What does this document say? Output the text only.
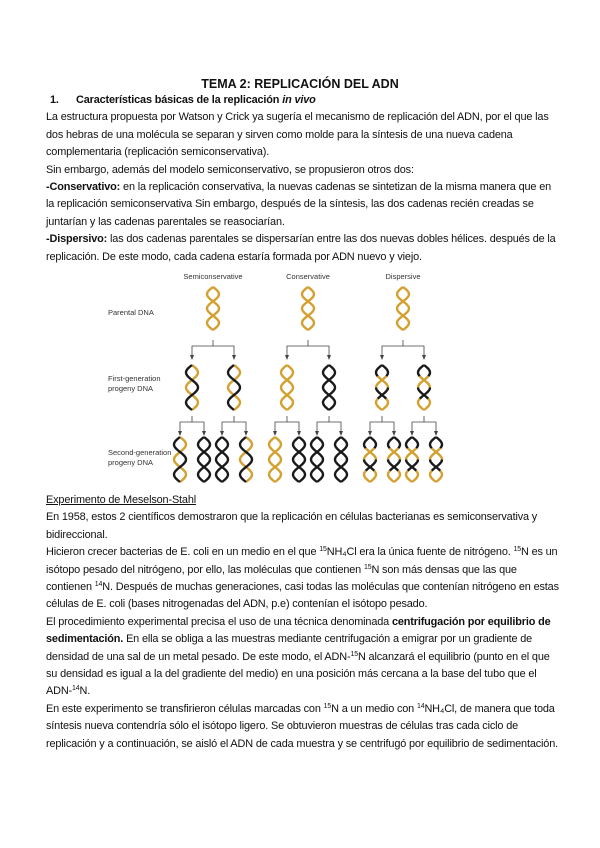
TEMA 2: REPLICACIÓN DEL ADN
1. Características básicas de la replicación in vivo

La estructura propuesta por Watson y Crick ya sugería el mecanismo de replicación del ADN, por el que las dos hebras de una molécula se separan y sirven como molde para la síntesis de una nueva cadena complementaria (replicación semiconservativa).

Sin embargo, además del modelo semiconservativo, se propusieron otros dos:

-Conservativo: en la replicación conservativa, la nuevas cadenas se sintetizan de la misma manera que en la replicación semiconservativa Sin embargo, después de la síntesis, las dos cadenas recién creadas se juntarían y las cadenas parentales se reasociarían.

-Dispersivo: las dos cadenas parentales se dispersarían entre las dos nuevas dobles hélices. después de la replicación. De este modo, cada cadena estaría formada por ADN nuevo y viejo.

Semiconservative	Conservative	Dispersive
Parental DNA
First-generation
progeny DNA
Second-generation
progeny DNA

Experimento de Meselson-Stahl

En 1958, estos 2 científicos demostraron que la replicación en células bacterianas es semiconservativa y bidireccional.

Hicieron crecer bacterias de E. coli en un medio en el que $^{15}$NH₄Cl era la única fuente de nitrógeno. $^{15}$N es un isótopo pesado del nitrógeno, por ello, las moléculas que contienen $^{15}$N son más densas que las que contienen $^{14}$N. Después de muchas generaciones, casi todas las moléculas que contenían nitrógeno en estas células de E. coli (bases nitrogenadas del ADN, p.e) contenían el isótopo pesado.

El procedimiento experimental precisa el uso de una técnica denominada centrifugación por equilibrio de sedimentación. En ella se obliga a las muestras mediante centrifugación a emigrar por un gradiente de densidad de una sal de un metal pesado. De este modo, el ADN-$^{15}$N alcanzará el equilibrio (punto en el que su densidad es igual a la del gradiente del medio) en una posición más cercana a la base del tubo que el ADN-$^{14}$N.

En este experimento se transfirieron células marcadas con $^{15}$N a un medio con $^{14}$NH₄Cl, de manera que toda síntesis nueva contendría sólo el isótopo ligero. Se obtuvieron muestras de células tras cada ciclo de replicación y a continuación, se aisló el ADN de cada muestra y se centrifugó por equilibrio de sedimentación.
